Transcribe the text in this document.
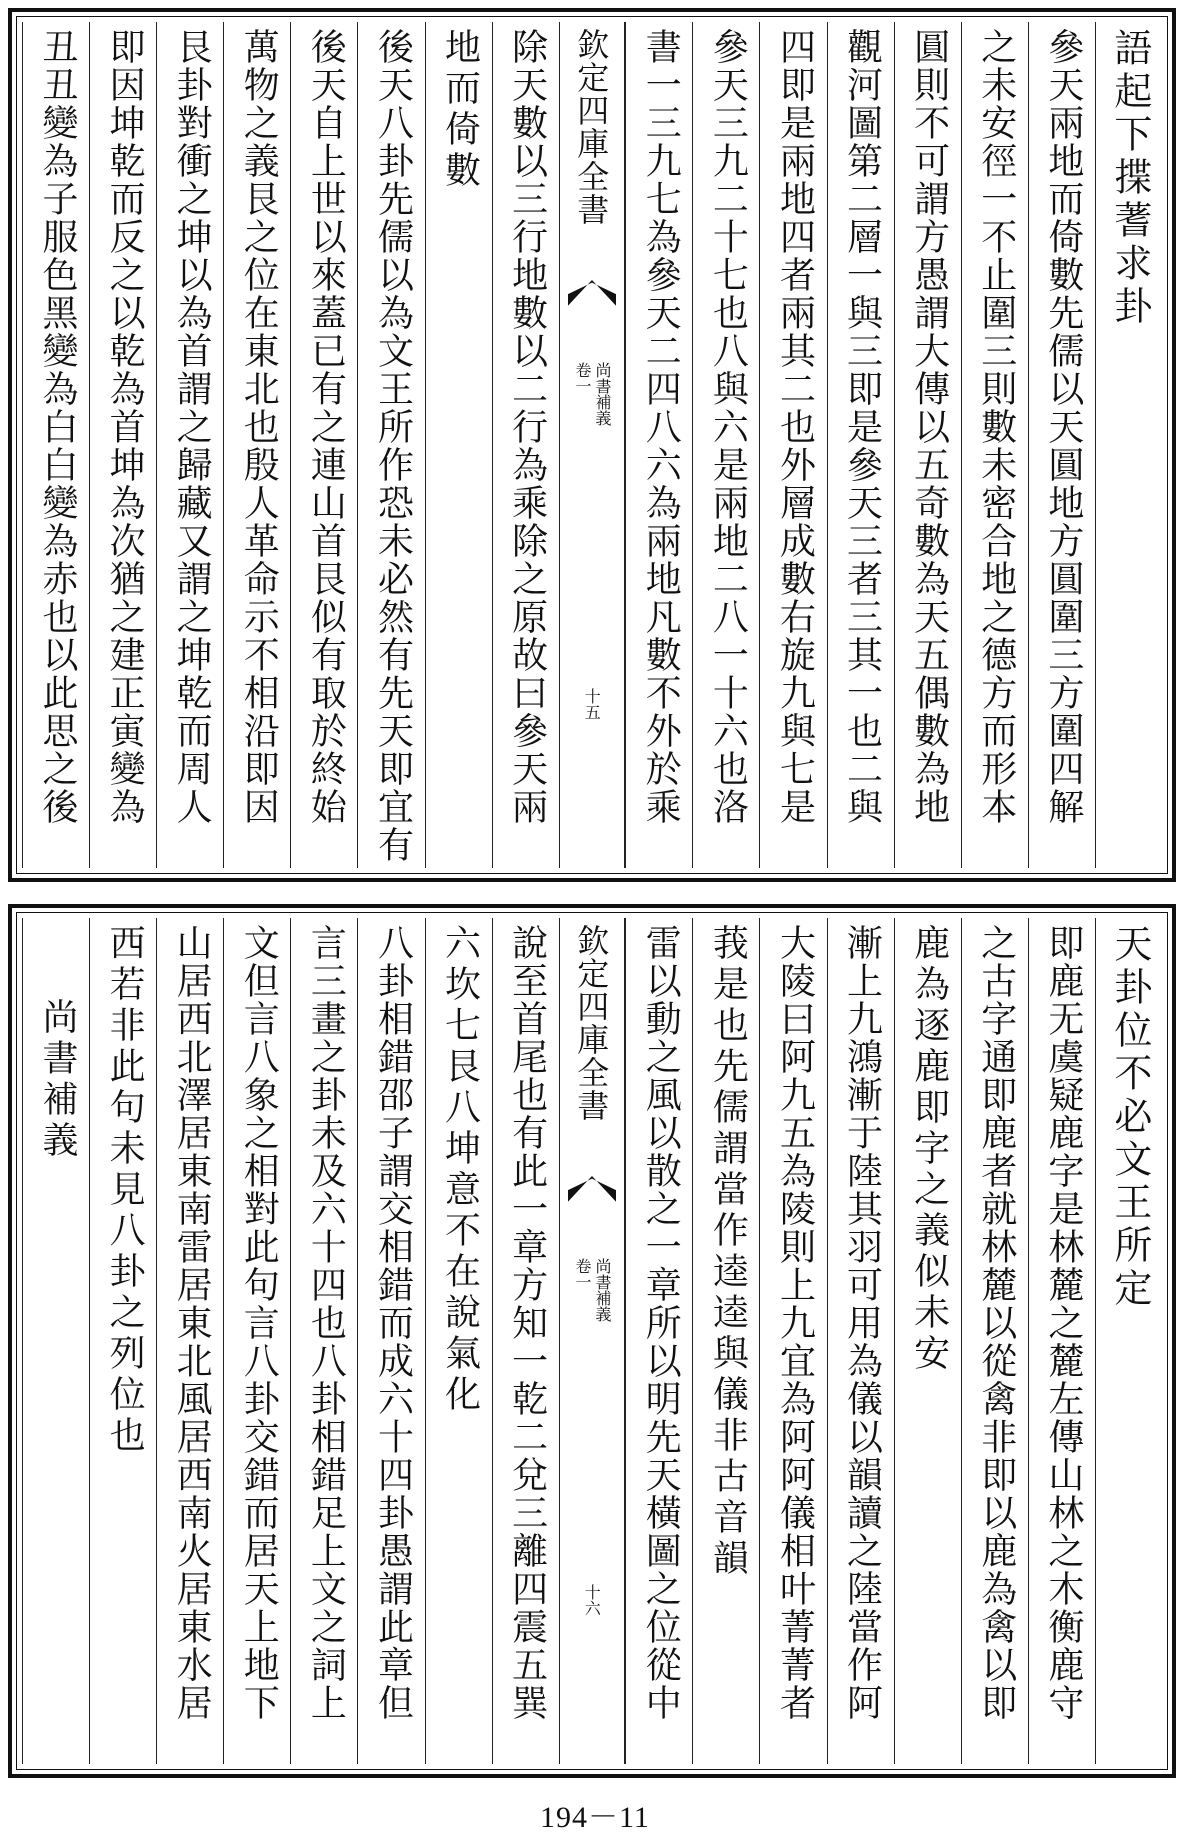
語起下揲蓍求卦
參天兩地而倚數先儒以天圓地方圓圍三方圍四解
之未安徑一不止圍三則數未密合地之德方而形本
圓則不可謂方愚謂大傳以五奇數為天五偶數為地
觀河圖第二層一與三即是參天三者三其一也二與
四即是兩地四者兩其二也外層成數右旋九與七是
參天三九二十七也八與六是兩地二八一十六也洛
書一三九七為參天二四八六為兩地凡數不外於乘
欽定四庫全書
尚書補義
卷一
十五
除天數以三行地數以二行為乘除之原故曰參天兩
地而倚數
後天八卦先儒以為文王所作恐未必然有先天即宜有
後天自上世以來蓋已有之連山首艮似有取於終始
萬物之義艮之位在東北也殷人革命示不相沿即因
艮卦對衝之坤以為首謂之歸藏又謂之坤乾而周人
即因坤乾而反之以乾為首坤為次猶之建正寅變為
丑丑變為子服色黑變為白白變為赤也以此思之後
天卦位不必文王所定
即鹿无虞疑鹿字是林麓之麓左傳山林之木衡鹿守
之古字通即鹿者就林麓以從禽非即以鹿為禽以即
鹿為逐鹿即字之義似未安
漸上九鴻漸于陸其羽可用為儀以韻讀之陸當作阿
大陵曰阿九五為陵則上九宜為阿阿儀相叶菁菁者
莪是也先儒謂當作逵逵與儀非古音韻
雷以動之風以散之一章所以明先天橫圖之位從中
欽定四庫全書
尚書補義
卷一
十六
說至首尾也有此一章方知一乾二兌三離四震五巽
六坎七艮八坤意不在說氣化
八卦相錯邵子謂交相錯而成六十四卦愚謂此章但
言三畫之卦未及六十四也八卦相錯足上文之詞上
文但言八象之相對此句言八卦交錯而居天上地下
山居西北澤居東南雷居東北風居西南火居東水居
西若非此句未見八卦之列位也
尚書補義
194－11
